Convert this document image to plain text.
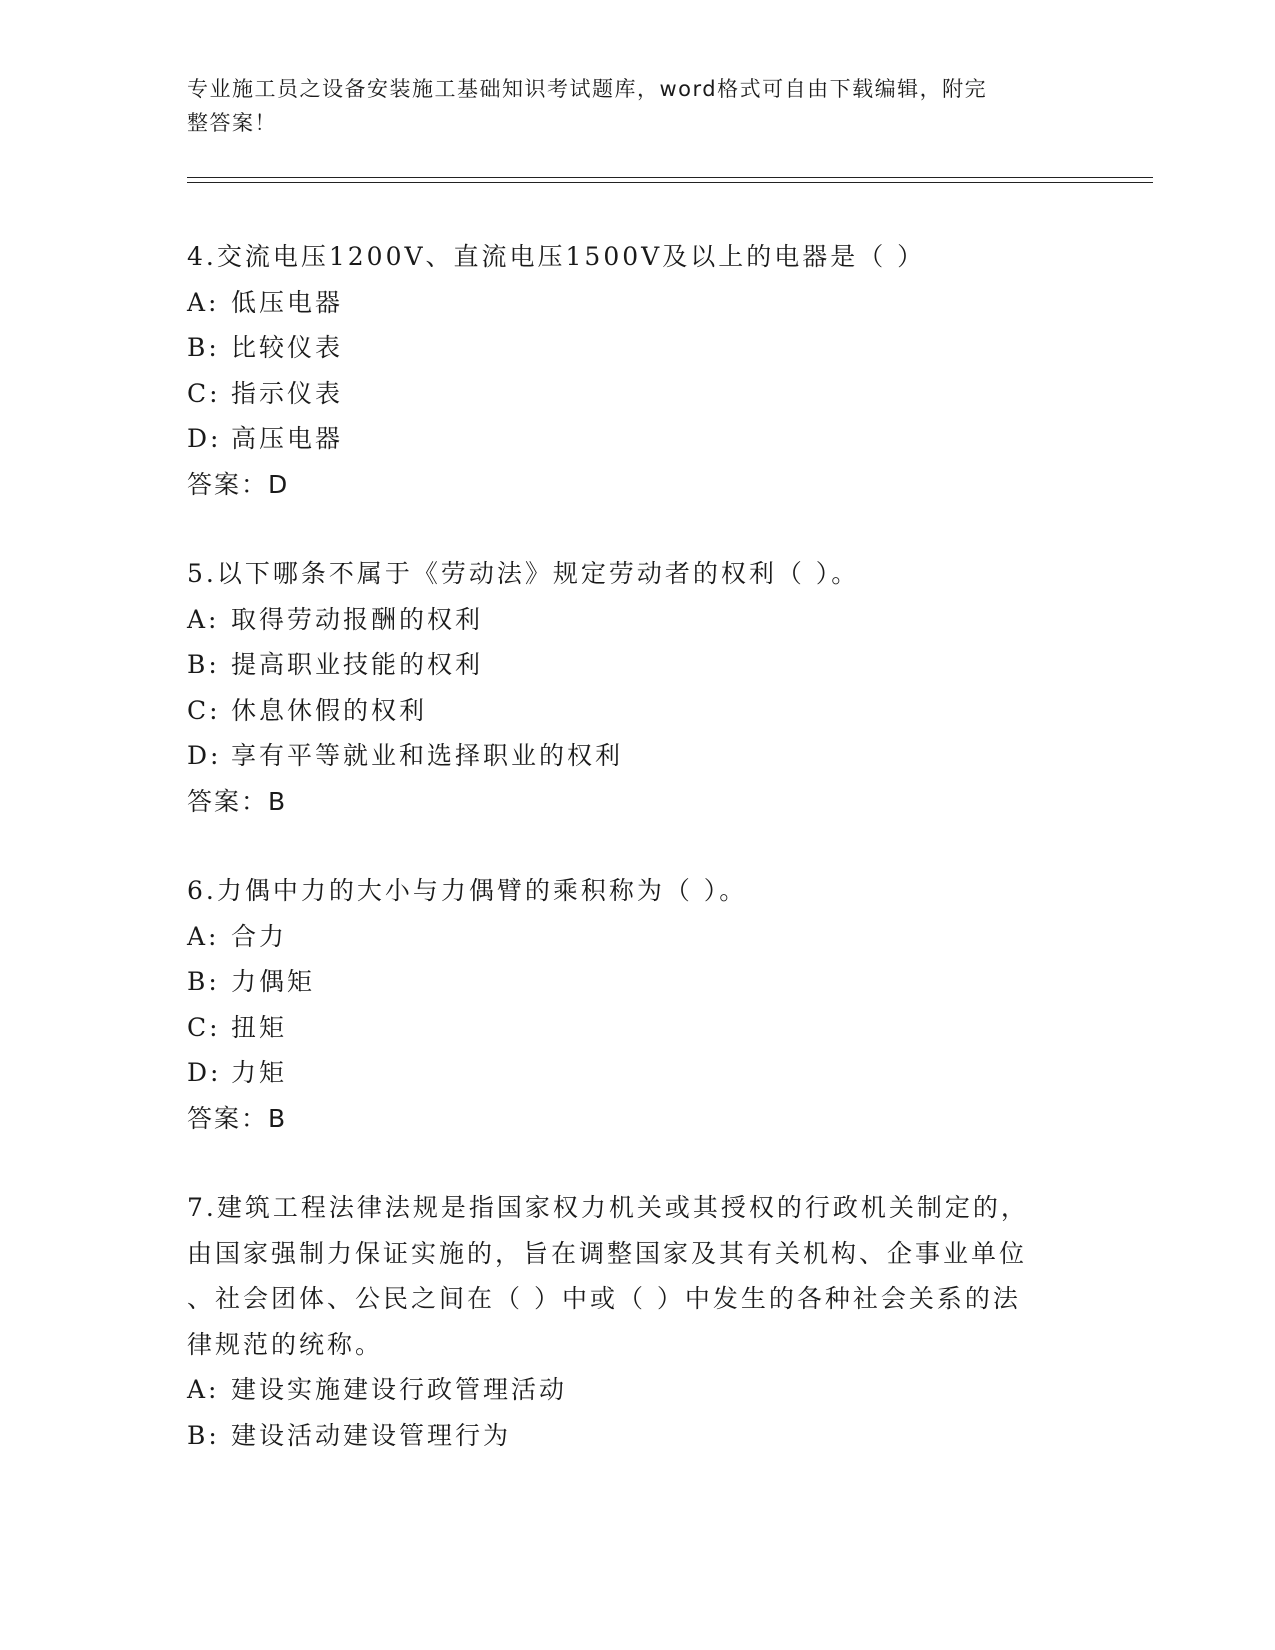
专业施工员之设备安装施工基础知识考试题库，word格式可自由下载编辑，附完
整答案！
4.交流电压1200V、直流电压1500V及以上的电器是（ ）
A: 低压电器
B: 比较仪表
C: 指示仪表
D: 高压电器
答案：D
5.以下哪条不属于《劳动法》规定劳动者的权利（ ）。
A: 取得劳动报酬的权利
B: 提高职业技能的权利
C: 休息休假的权利
D: 享有平等就业和选择职业的权利
答案：B
6.力偶中力的大小与力偶臂的乘积称为（ ）。
A: 合力
B: 力偶矩
C: 扭矩
D: 力矩
答案：B
7.建筑工程法律法规是指国家权力机关或其授权的行政机关制定的，
由国家强制力保证实施的，旨在调整国家及其有关机构、企事业单位
、社会团体、公民之间在（ ）中或（ ）中发生的各种社会关系的法
律规范的统称。
A: 建设实施建设行政管理活动
B: 建设活动建设管理行为
